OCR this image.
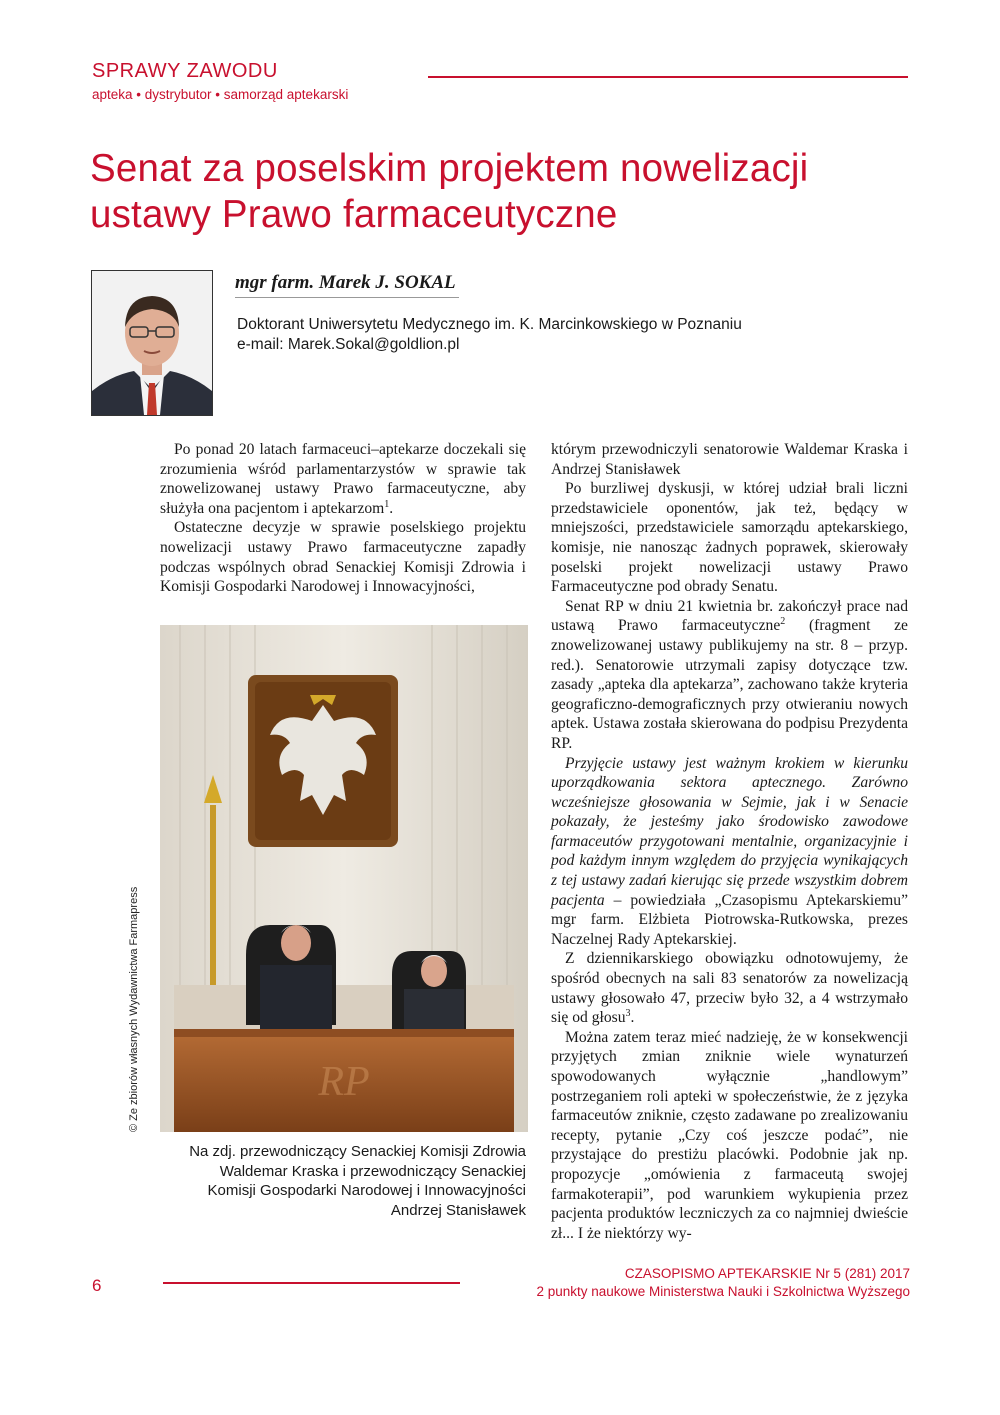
SPRAWY ZAWODU
apteka • dystrybutor • samorząd aptekarski
Senat za poselskim projektem nowelizacji
ustawy Prawo farmaceutyczne
mgr farm. Marek J. SOKAL
Doktorant Uniwersytetu Medycznego im. K. Marcinkowskiego w Poznaniu
e-mail: Marek.Sokal@goldlion.pl

Po ponad 20 latach farmaceuci–aptekarze doczekali się zrozumienia wśród parlamentarzystów w sprawie tak znowelizowanej ustawy Prawo farmaceutyczne, aby służyła ona pacjentom i aptekarzom$^1$.

Ostateczne decyzje w sprawie poselskiego projektu nowelizacji ustawy Prawo farmaceutyczne zapadły podczas wspólnych obrad Senackiej Komisji Zdrowia i Komisji Gospodarki Narodowej i Innowacyjności,

RP
© Ze zbiorów własnych Wydawnictwa Farmapress
Na zdj. przewodniczący Senackiej Komisji Zdrowia
Waldemar Kraska i przewodniczący Senackiej
Komisji Gospodarki Narodowej i Innowacyjności
Andrzej Stanisławek

którym przewodniczyli senatorowie Waldemar Kraska i Andrzej Stanisławek

Po burzliwej dyskusji, w której udział brali liczni przedstawiciele oponentów, jak też, będący w mniejszości, przedstawiciele samorządu aptekarskiego, komisje, nie nanosząc żadnych poprawek, skierowały poselski projekt nowelizacji ustawy Prawo Farmaceutyczne pod obrady Senatu.

Senat RP w dniu 21 kwietnia br. zakończył prace nad ustawą Prawo farmaceutyczne$^2$ (fragment ze znowelizowanej ustawy publikujemy na str. 8 – przyp. red.). Senatorowie utrzymali zapisy dotyczące tzw. zasady „apteka dla aptekarza”, zachowano także kryteria geograficzno-demograficznych przy otwieraniu nowych aptek. Ustawa została skierowana do podpisu Prezydenta RP.

Przyjęcie ustawy jest ważnym krokiem w kierunku uporządkowania sektora aptecznego. Zarówno wcześniejsze głosowania w Sejmie, jak i w Senacie pokazały, że jesteśmy jako środowisko zawodowe farmaceutów przygotowani mentalnie, organizacyjnie i pod każdym innym względem do przyjęcia wynikających z tej ustawy zadań kierując się przede wszystkim dobrem pacjenta – powiedziała „Czasopismu Aptekarskiemu” mgr farm. Elżbieta Piotrowska-Rutkowska, prezes Naczelnej Rady Aptekarskiej.

Z dziennikarskiego obowiązku odnotowujemy, że spośród obecnych na sali 83 senatorów za nowelizacją ustawy głosowało 47, przeciw było 32, a 4 wstrzymało się od głosu$^3$.

Można zatem teraz mieć nadzieję, że w konsekwencji przyjętych zmian zniknie wiele wynaturzeń spowodowanych wyłącznie „handlowym” postrzeganiem roli apteki w społeczeństwie, że z języka farmaceutów zniknie, często zadawane po zrealizowaniu recepty, pytanie „Czy coś jeszcze podać”, nie przystające do prestiżu placówki. Podobnie jak np. propozycje „omówienia z farmaceutą swojej farmakoterapii”, pod warunkiem wykupienia przez pacjenta produktów leczniczych za co najmniej dwieście zł... I że niektórzy wy-

6
CZASOPISMO APTEKARSKIE Nr 5 (281) 2017
2 punkty naukowe Ministerstwa Nauki i Szkolnictwa Wyższego
